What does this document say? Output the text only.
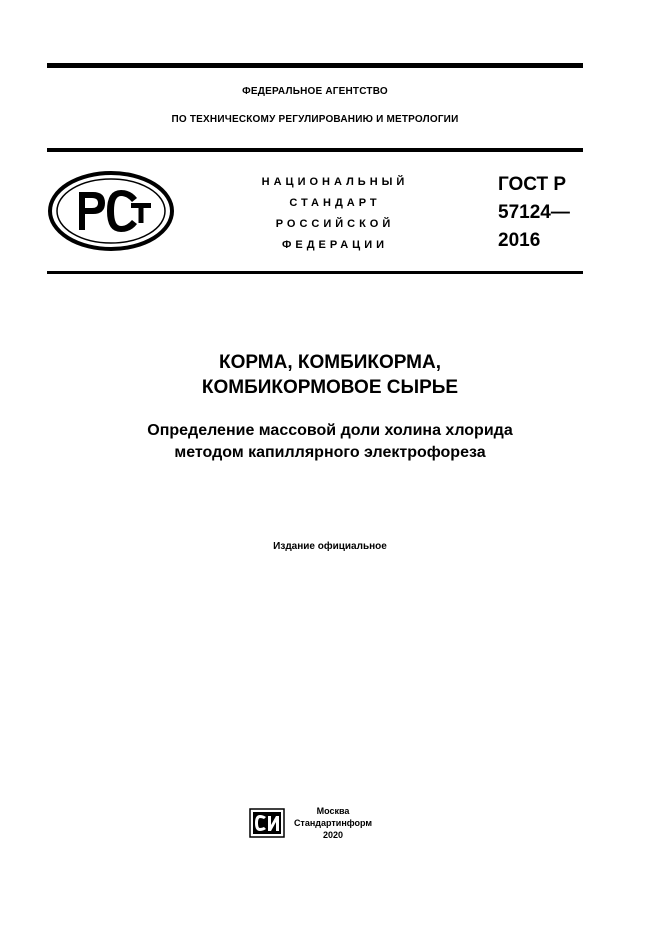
ФЕДЕРАЛЬНОЕ АГЕНТСТВО
ПО ТЕХНИЧЕСКОМУ РЕГУЛИРОВАНИЮ И МЕТРОЛОГИИ
НАЦИОНАЛЬНЫЙ
СТАНДАРТ
РОССИЙСКОЙ
ФЕДЕРАЦИИ
ГОСТ Р
57124—
2016
КОРМА, КОМБИКОРМА,
КОМБИКОРМОВОЕ СЫРЬЕ
Определение массовой доли холина хлорида
методом капиллярного электрофореза
Издание официальное
Москва
Стандартинформ
2020
